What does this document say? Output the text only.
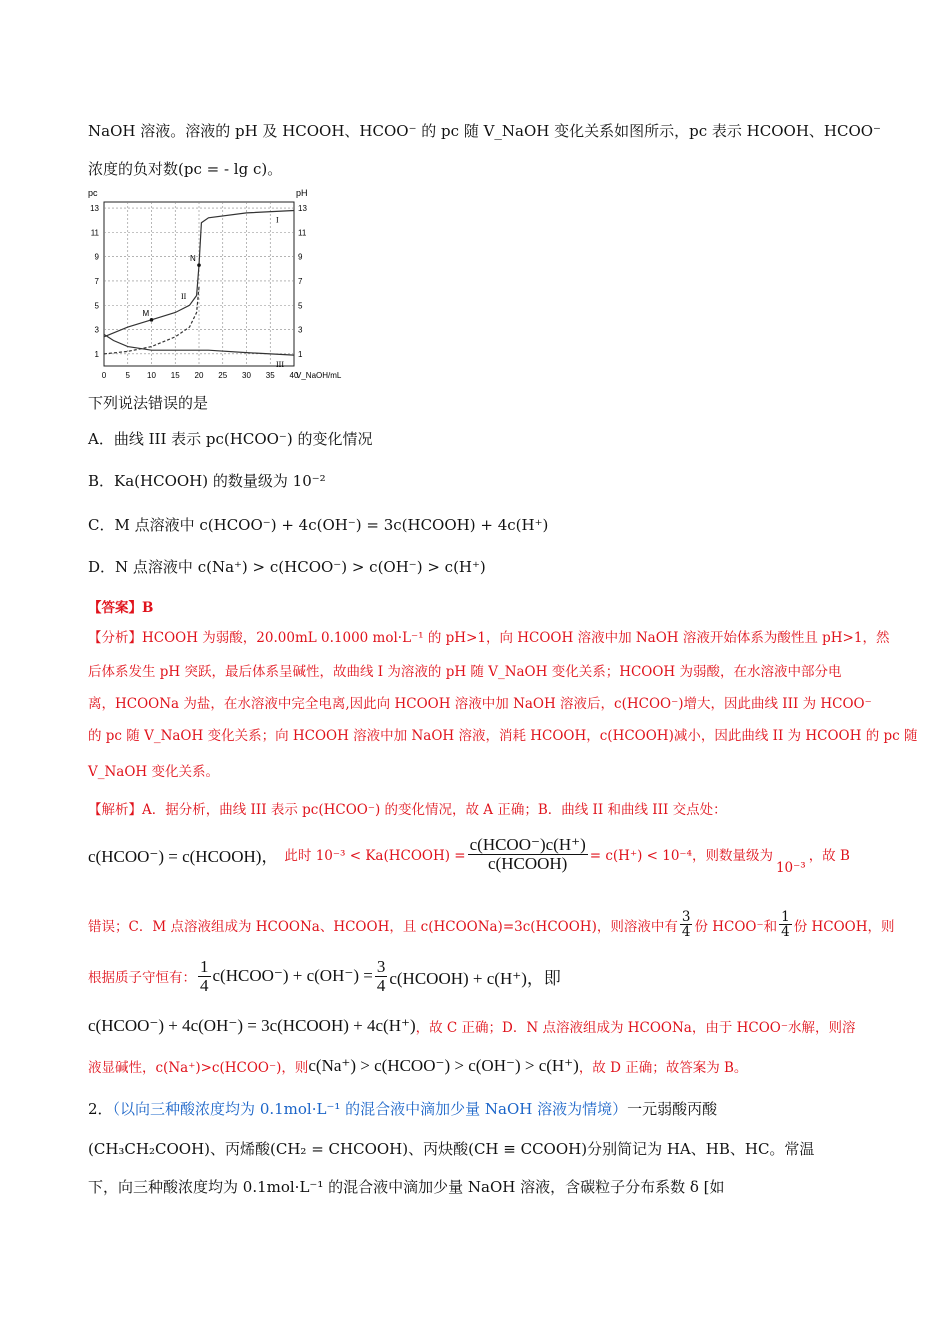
NaOH 溶液。溶液的 pH 及 HCOOH、HCOO⁻ 的 pc 随 V_NaOH 变化关系如图所示，pc 表示 HCOOH、HCOO⁻
浓度的负对数(pc = - lg c)。
0 5 10 15 20 25 30 35 40
1	1
3	3
5	5
7	7
9	9
11	11
13	13
pc	pH
V_NaOH/mL
I
II
III
M
N
下列说法错误的是
A．曲线 III 表示 pc(HCOO⁻) 的变化情况
B．Ka(HCOOH) 的数量级为 10⁻²
C．M 点溶液中 c(HCOO⁻) + 4c(OH⁻) = 3c(HCOOH) + 4c(H⁺)
D．N 点溶液中 c(Na⁺) > c(HCOO⁻) > c(OH⁻) > c(H⁺)
【答案】B
【分析】HCOOH 为弱酸，20.00mL 0.1000 mol·L⁻¹ 的 pH>1，向 HCOOH 溶液中加 NaOH 溶液开始体系为酸性且 pH>1，然
后体系发生 pH 突跃，最后体系呈碱性，故曲线 I 为溶液的 pH 随 V_NaOH 变化关系；HCOOH 为弱酸，在水溶液中部分电
离，HCOONa 为盐，在水溶液中完全电离,因此向 HCOOH 溶液中加 NaOH 溶液后，c(HCOO⁻)增大，因此曲线 III 为 HCOO⁻
的 pc 随 V_NaOH 变化关系；向 HCOOH 溶液中加 NaOH 溶液，消耗 HCOOH，c(HCOOH)减小，因此曲线 II 为 HCOOH 的 pc 随
V_NaOH 变化关系。
【解析】A．据分析，曲线 III 表示 pc(HCOO⁻) 的变化情况，故 A 正确；B．曲线 II 和曲线 III 交点处：
c(HCOO⁻) = c(HCOOH)， 此时 10⁻³ < Ka(HCOOH) = $\frac{\text{c(HCOO⁻)c(H⁺)}}{\text{c(HCOOH)}} = c(H^+) < 10^{-4}$，则数量级为
10⁻³
，故 B
错误；C．M 点溶液组成为 HCOONa、HCOOH，且 c(HCOONa)=3c(HCOOH)，则溶液中有 $\frac{3}{4}$ 份 HCOO⁻和 $\frac{1}{4}$ 份 HCOOH，则
根据质子守恒有： $\frac{1}{4}$ c(HCOO⁻) + $c(OH^-) = \frac{3}{4}$ c(HCOOH) + c(H⁺)，即
c(HCOO⁻) + 4c(OH⁻) = 3c(HCOOH) + 4c(H⁺) ，故 C 正确；D．N 点溶液组成为 HCOONa，由于 HCOO⁻水解，则溶
液显碱性，c(Na⁺)>c(HCOO⁻)，则 c(Na⁺) > c(HCOO⁻) > c(OH⁻) > c(H⁺) ，故 D 正确；故答案为 B。
2．（以向三种酸浓度均为 0.1mol·L⁻¹ 的混合液中滴加少量 NaOH 溶液为情境）一元弱酸丙酸
(CH₃CH₂COOH)、丙烯酸(CH₂ = CHCOOH)、丙炔酸(CH ≡ CCOOH)分别简记为 HA、HB、HC。常温
下，向三种酸浓度均为 0.1mol·L⁻¹ 的混合液中滴加少量 NaOH 溶液，含碳粒子分布系数 δ [如
